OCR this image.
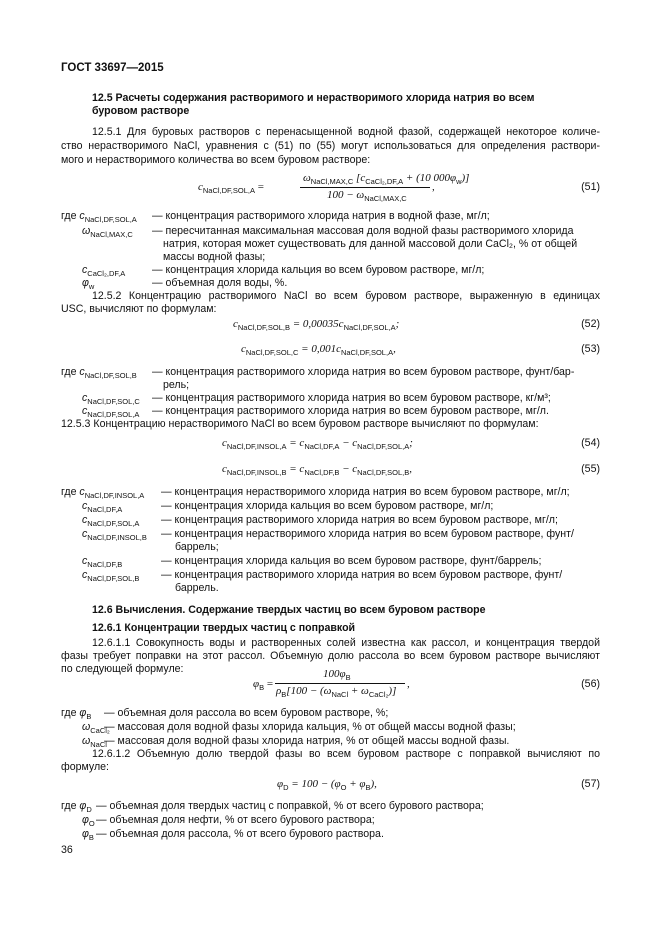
ГОСТ 33697—2015
12.5 Расчеты содержания растворимого и нерастворимого хлорида натрия во всем
буровом растворе
12.5.1 Для буровых растворов с перенасыщенной водной фазой, содержащей некоторое количе-
ство нерастворимого NaCl, уравнения с (51) по (55) могут использоваться для определения раствори-
мого и нерастворимого количества во всем буровом растворе:
$c_{NaCl,DF,SOL,A}$ =
$\omega_{NaCl,MAX,C}$ [$c_{CaCl_2,DF,A} + (10$ $000\varphi_w$)]
$100 - \omega_{NaCl,MAX,C}$
,	(51)
где $c_{NaCl,DF,SOL,A}$ — концентрация растворимого хлорида натрия в водной фазе, мг/л;
$\omega_{NaCl,MAX,C}$ — пересчитанная максимальная массовая доля водной фазы растворимого хлорида
натрия, которая может существовать для данной массовой доли CaCl₂, % от общей
массы водной фазы;
$c_{CaCl_2,DF,A}$	— концентрация хлорида кальция во всем буровом растворе, мг/л;
$\varphi_w$	— объемная доля воды, %.
12.5.2 Концентрацию растворимого NaCl во всем буровом растворе, выраженную в единицах
USC, вычисляют по формулам:
$c_{NaCl,DF,SOL,B} = 0,00035c_{NaCl,DF,SOL,A}$;	(52)
$c_{NaCl,DF,SOL,C} = 0,001c_{NaCl,DF,SOL,A}$,	(53)
где $c_{NaCl,DF,SOL,B}$ — концентрация растворимого хлорида натрия во всем буровом растворе, фунт/бар-
рель;
$c_{NaCl,DF,SOL,C}$ — концентрация растворимого хлорида натрия во всем буровом растворе, кг/м³;
$c_{NaCl,DF,SOL,A}$ — концентрация растворимого хлорида натрия во всем буровом растворе, мг/л.
12.5.3 Концентрацию нерастворимого NaCl во всем буровом растворе вычисляют по формулам:
$c_{NaCl,DF,INSOL,A} = c_{NaCl,DF,A} - c_{NaCl,DF,SOL,A}$;	(54)
$c_{NaCl,DF,INSOL,B} = c_{NaCl,DF,B} - c_{NaCl,DF,SOL,B}$,	(55)
где $c_{NaCl,DF,INSOL,A}$ — концентрация нерастворимого хлорида натрия во всем буровом растворе, мг/л;
$c_{NaCl,DF,A}$	— концентрация хлорида кальция во всем буровом растворе, мг/л;
$c_{NaCl,DF,SOL,A}$ — концентрация растворимого хлорида натрия во всем буровом растворе, мг/л;
$c_{NaCl,DF,INSOL,B}$ — концентрация нерастворимого хлорида натрия во всем буровом растворе, фунт/
баррель;
$c_{NaCl,DF,B}$	— концентрация хлорида кальция во всем буровом растворе, фунт/баррель;
$c_{NaCl,DF,SOL,B}$ — концентрация растворимого хлорида натрия во всем буровом растворе, фунт/
баррель.
12.6 Вычисления. Содержание твердых частиц во всем буровом растворе
12.6.1 Концентрации твердых частиц с поправкой
12.6.1.1 Совокупность воды и растворенных солей известна как рассол, и концентрация твердой
фазы требует поправки на этот рассол. Объемную долю рассола во всем буровом растворе вычисляют
по следующей формуле:
$\varphi_B$ =
$100\varphi_B$
$\rho_B[100 - (\omega_{NaCl} + \omega_{CaCl_2})]$
,	(56)
где $\varphi_B$ — объемная доля рассола во всем буровом растворе, %;
$\omega_{CaCl_2}$
— массовая доля водной фазы хлорида кальция, % от общей массы водной фазы;
$\omega_{NaCl}$
— массовая доля водной фазы хлорида натрия, % от общей массы водной фазы.
12.6.1.2 Объемную долю твердой фазы во всем буровом растворе с поправкой вычисляют по
формуле:
$\varphi_D = 100 - (\varphi_O + \varphi_B)$,	(57)
где $\varphi_D$ — объемная доля твердых частиц с поправкой, % от всего бурового раствора;
$\varphi_O$ — объемная доля нефти, % от всего бурового раствора;
$\varphi_B$ — объемная доля рассола, % от всего бурового раствора.
36
